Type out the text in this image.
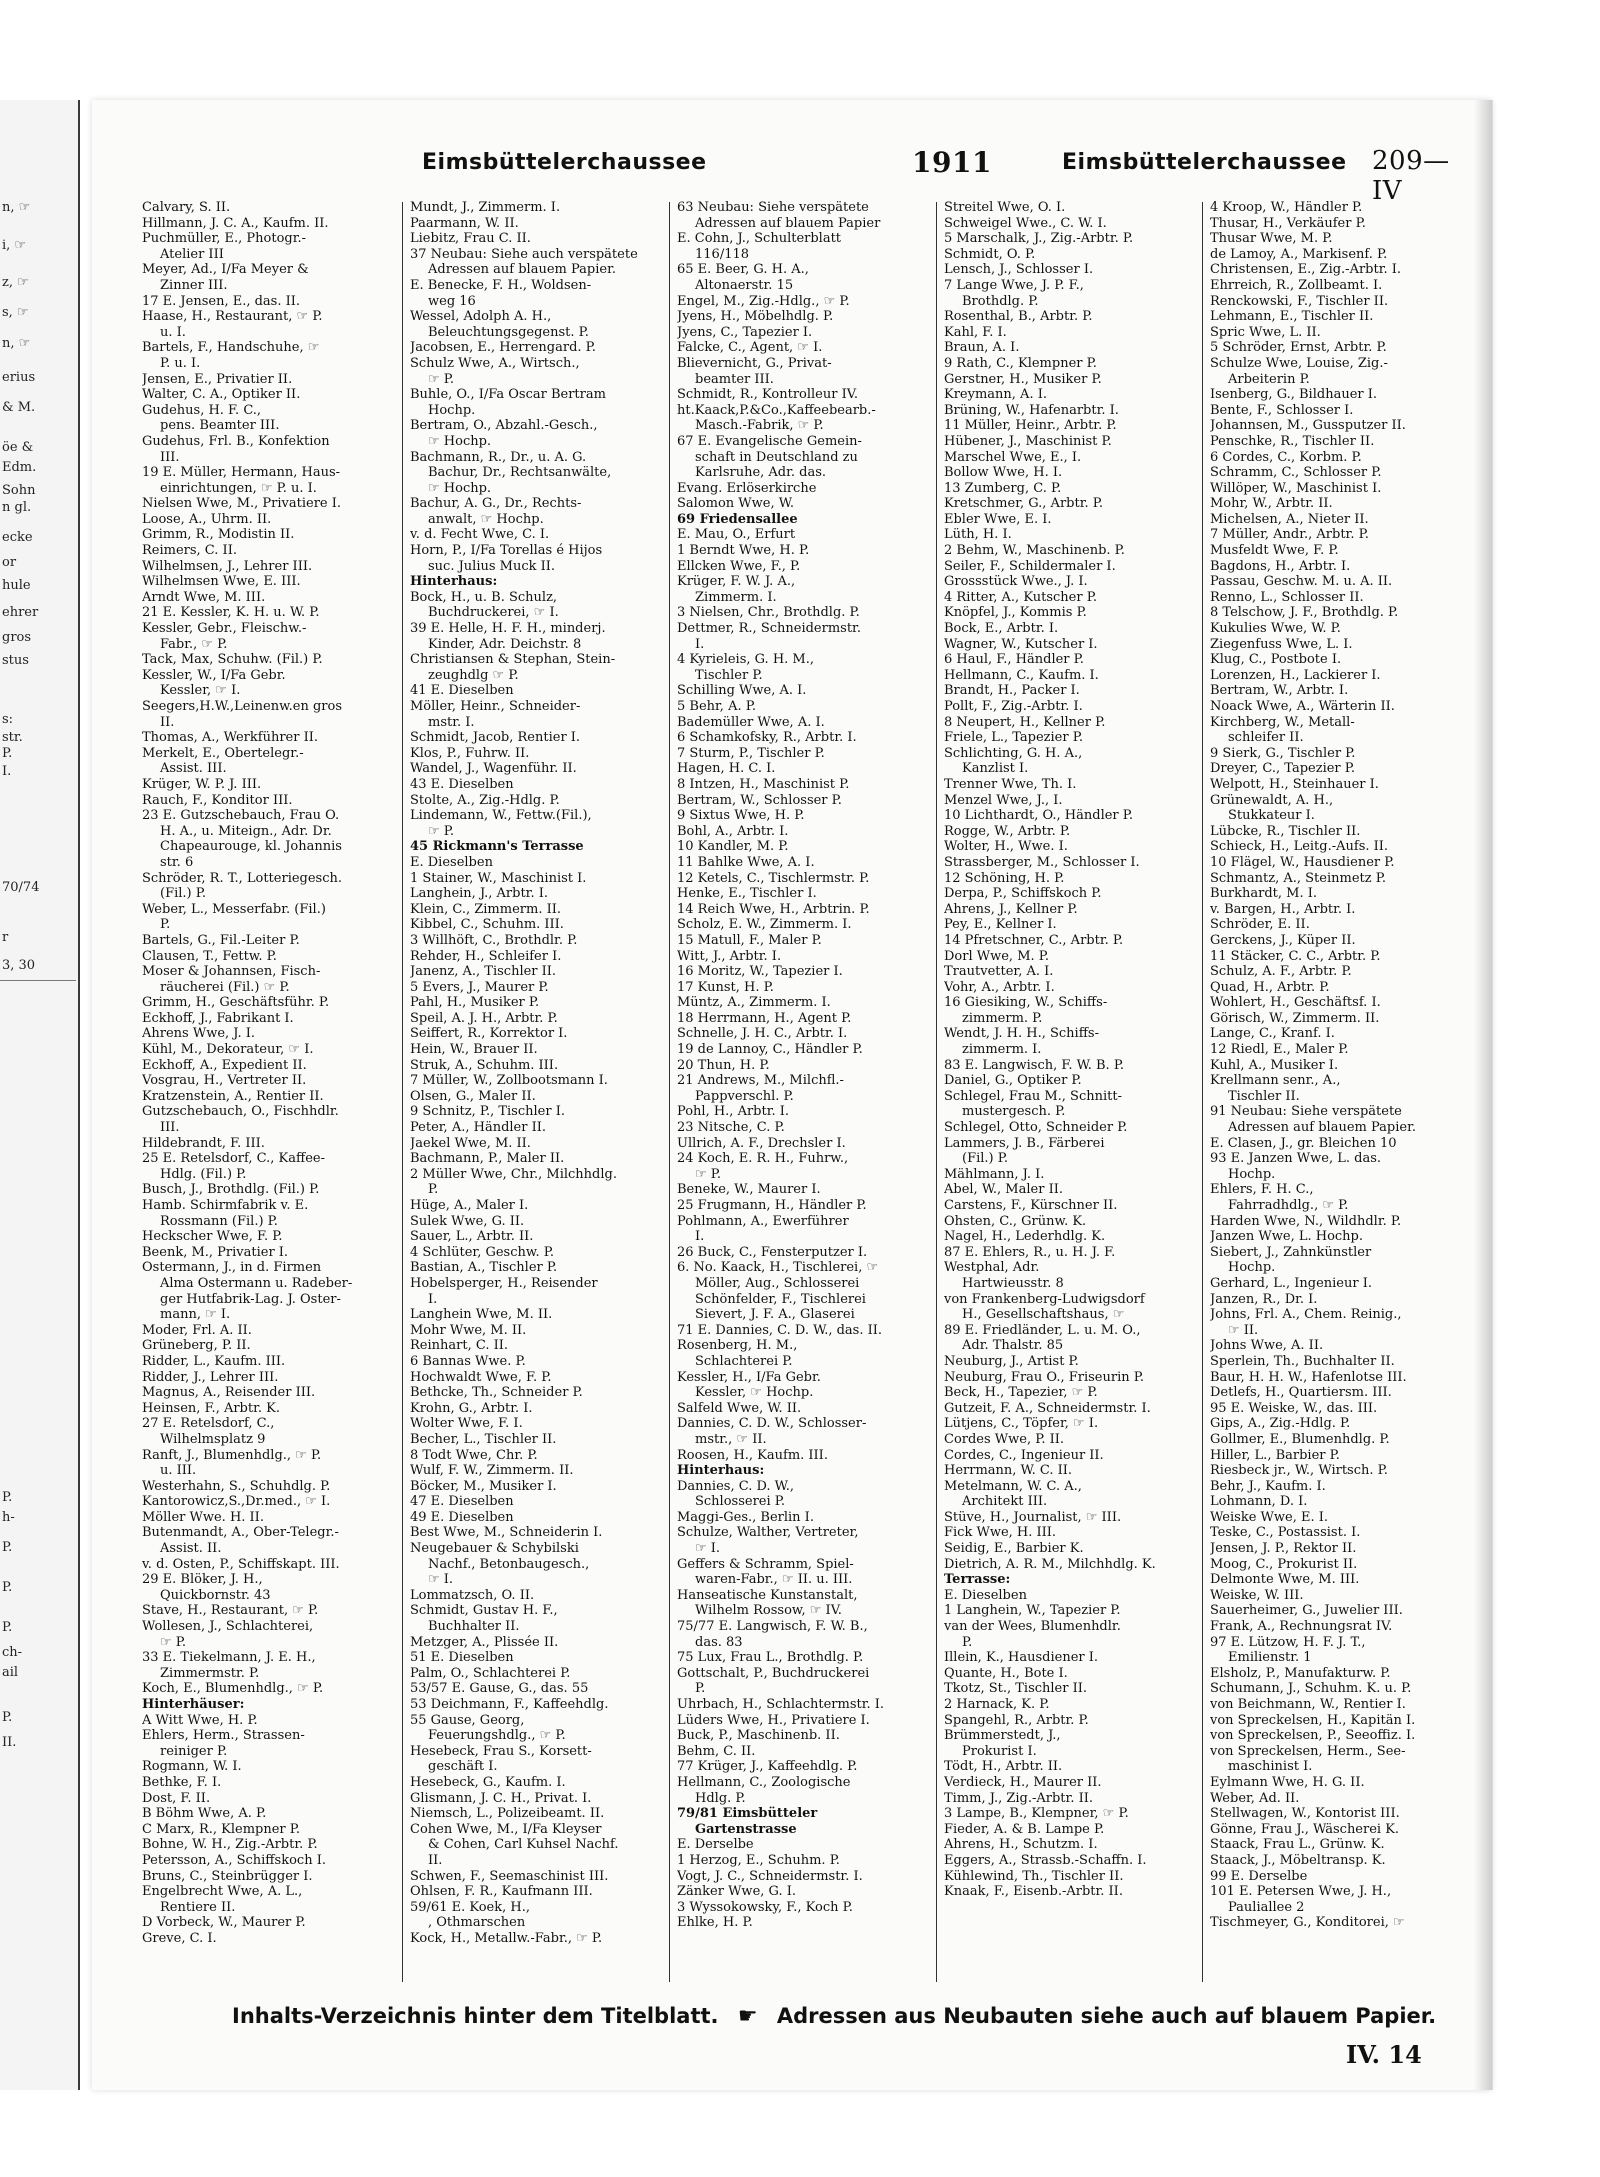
n, ☞
i, ☞
z, ☞
s, ☞
n, ☞
erius
& M.
öe &
Edm.
Sohn
n gl.
ecke
or
hule
ehrer
gros
stus
s:
str.
P.
I.
70/74
r
3, 30
P.
h-
P.
P.
P.
ch-
ail
P.
II.
Eimsbüttelerchaussee	1911	Eimsbüttelerchaussee 209—IV
Calvary, S. II.
Hillmann, J. C. A., Kaufm. II.
Puchmüller, E., Photogr.-
Atelier III
Meyer, Ad., I/Fa Meyer &
Zinner III.
17 E. Jensen, E., das. II.
Haase, H., Restaurant, ☞ P.
u. I.
Bartels, F., Handschuhe, ☞
P. u. I.
Jensen, E., Privatier II.
Walter, C. A., Optiker II.
Gudehus, H. F. C.,
pens. Beamter III.
Gudehus, Frl. B., Konfektion
III.
19 E. Müller, Hermann, Haus-
einrichtungen, ☞ P. u. I.
Nielsen Wwe, M., Privatiere I.
Loose, A., Uhrm. II.
Grimm, R., Modistin II.
Reimers, C. II.
Wilhelmsen, J., Lehrer III.
Wilhelmsen Wwe, E. III.
Arndt Wwe, M. III.
21 E. Kessler, K. H. u. W. P.
Kessler, Gebr., Fleischw.-
Fabr., ☞ P.
Tack, Max, Schuhw. (Fil.) P.
Kessler, W., I/Fa Gebr.
Kessler, ☞ I.
Seegers,H.W.,Leinenw.en gros
II.
Thomas, A., Werkführer II.
Merkelt, E., Obertelegr.-
Assist. III.
Krüger, W. P. J. III.
Rauch, F., Konditor III.
23 E. Gutzschebauch, Frau O.
H. A., u. Miteign., Adr. Dr.
Chapeaurouge, kl. Johannis
str. 6
Schröder, R. T., Lotteriegesch.
(Fil.) P.
Weber, L., Messerfabr. (Fil.)
P.
Bartels, G., Fil.-Leiter P.
Clausen, T., Fettw. P.
Moser & Johannsen, Fisch-
räucherei (Fil.) ☞ P.
Grimm, H., Geschäftsführ. P.
Eckhoff, J., Fabrikant I.
Ahrens Wwe, J. I.
Kühl, M., Dekorateur, ☞ I.
Eckhoff, A., Expedient II.
Vosgrau, H., Vertreter II.
Kratzenstein, A., Rentier II.
Gutzschebauch, O., Fischhdlr.
III.
Hildebrandt, F. III.
25 E. Retelsdorf, C., Kaffee-
Hdlg. (Fil.) P.
Busch, J., Brothdlg. (Fil.) P.
Hamb. Schirmfabrik v. E.
Rossmann (Fil.) P.
Heckscher Wwe, F. P.
Beenk, M., Privatier I.
Ostermann, J., in d. Firmen
Alma Ostermann u. Radeber-
ger Hutfabrik-Lag. J. Oster-
mann, ☞ I.
Moder, Frl. A. II.
Grüneberg, P. II.
Ridder, L., Kaufm. III.
Ridder, J., Lehrer III.
Magnus, A., Reisender III.
Heinsen, F., Arbtr. K.
27 E. Retelsdorf, C.,
Wilhelmsplatz 9
Ranft, J., Blumenhdlg., ☞ P.
u. III.
Westerhahn, S., Schuhdlg. P.
Kantorowicz,S.,Dr.med., ☞ I.
Möller Wwe. H. II.
Butenmandt, A., Ober-Telegr.-
Assist. II.
v. d. Osten, P., Schiffskapt. III.
29 E. Blöker, J. H.,
Quickbornstr. 43
Stave, H., Restaurant, ☞ P.
Wollesen, J., Schlachterei,
☞ P.
33 E. Tiekelmann, J. E. H.,
Zimmermstr. P.
Koch, E., Blumenhdlg., ☞ P.
Hinterhäuser:
A Witt Wwe, H. P.
Ehlers, Herm., Strassen-
reiniger P.
Rogmann, W. I.
Bethke, F. I.
Dost, F. II.
B Böhm Wwe, A. P.
C Marx, R., Klempner P.
Bohne, W. H., Zig.-Arbtr. P.
Petersson, A., Schiffskoch I.
Bruns, C., Steinbrügger I.
Engelbrecht Wwe, A. L.,
Rentiere II.
D Vorbeck, W., Maurer P.
Greve, C. I.
Mundt, J., Zimmerm. I.
Paarmann, W. II.
Liebitz, Frau C. II.
37 Neubau: Siehe auch verspätete
Adressen auf blauem Papier.
E. Benecke, F. H., Woldsen-
weg 16
Wessel, Adolph A. H.,
Beleuchtungsgegenst. P.
Jacobsen, E., Herrengard. P.
Schulz Wwe, A., Wirtsch.,
☞ P.
Buhle, O., I/Fa Oscar Bertram
Hochp.
Bertram, O., Abzahl.-Gesch.,
☞ Hochp.
Bachmann, R., Dr., u. A. G.
Bachur, Dr., Rechtsanwälte,
☞ Hochp.
Bachur, A. G., Dr., Rechts-
anwalt, ☞ Hochp.
v. d. Fecht Wwe, C. I.
Horn, P., I/Fa Torellas é Hijos
suc. Julius Muck II.
Hinterhaus:
Bock, H., u. B. Schulz,
Buchdruckerei, ☞ I.
39 E. Helle, H. F. H., minderj.
Kinder, Adr. Deichstr. 8
Christiansen & Stephan, Stein-
zeughdlg ☞ P.
41 E. Dieselben
Möller, Heinr., Schneider-
mstr. I.
Schmidt, Jacob, Rentier I.
Klos, P., Fuhrw. II.
Wandel, J., Wagenführ. II.
43 E. Dieselben
Stolte, A., Zig.-Hdlg. P.
Lindemann, W., Fettw.(Fil.),
☞ P.
45 Rickmann's Terrasse
E. Dieselben
1 Stainer, W., Maschinist I.
Langhein, J., Arbtr. I.
Klein, C., Zimmerm. II.
Kibbel, C., Schuhm. III.
3 Willhöft, C., Brothdlr. P.
Rehder, H., Schleifer I.
Janenz, A., Tischler II.
5 Evers, J., Maurer P.
Pahl, H., Musiker P.
Speil, A. J. H., Arbtr. P.
Seiffert, R., Korrektor I.
Hein, W., Brauer II.
Struk, A., Schuhm. III.
7 Müller, W., Zollbootsmann I.
Olsen, G., Maler II.
9 Schnitz, P., Tischler I.
Peter, A., Händler II.
Jaekel Wwe, M. II.
Bachmann, P., Maler II.
2 Müller Wwe, Chr., Milchhdlg.
P.
Hüge, A., Maler I.
Sulek Wwe, G. II.
Sauer, L., Arbtr. II.
4 Schlüter, Geschw. P.
Bastian, A., Tischler P.
Hobelsperger, H., Reisender
I.
Langhein Wwe, M. II.
Mohr Wwe, M. II.
Reinhart, C. II.
6 Bannas Wwe. P.
Hochwaldt Wwe, F. P.
Bethcke, Th., Schneider P.
Krohn, G., Arbtr. I.
Wolter Wwe, F. I.
Becher, L., Tischler II.
8 Todt Wwe, Chr. P.
Wulf, F. W., Zimmerm. II.
Böcker, M., Musiker I.
47 E. Dieselben
49 E. Dieselben
Best Wwe, M., Schneiderin I.
Neugebauer & Schybilski
Nachf., Betonbaugesch.,
☞ I.
Lommatzsch, O. II.
Schmidt, Gustav H. F.,
Buchhalter II.
Metzger, A., Plissée II.
51 E. Dieselben
Palm, O., Schlachterei P.
53/57 E. Gause, G., das. 55
53 Deichmann, F., Kaffeehdlg.
55 Gause, Georg,
Feuerungshdlg., ☞ P.
Hesebeck, Frau S., Korsett-
geschäft I.
Hesebeck, G., Kaufm. I.
Glismann, J. C. H., Privat. I.
Niemsch, L., Polizeibeamt. II.
Cohen Wwe, M., I/Fa Kleyser
& Cohen, Carl Kuhsel Nachf.
II.
Schwen, F., Seemaschinist III.
Ohlsen, F. R., Kaufmann III.
59/61 E. Koek, H.,
, Othmarschen
Kock, H., Metallw.-Fabr., ☞ P.
63 Neubau: Siehe verspätete
Adressen auf blauem Papier
E. Cohn, J., Schulterblatt
116/118
65 E. Beer, G. H. A.,
Altonaerstr. 15
Engel, M., Zig.-Hdlg., ☞ P.
Jyens, H., Möbelhdlg. P.
Jyens, C., Tapezier I.
Falcke, C., Agent, ☞ I.
Blievernicht, G., Privat-
beamter III.
Schmidt, R., Kontrolleur IV.
ht.Kaack,P.&Co.,Kaffeebearb.-
Masch.-Fabrik, ☞ P.
67 E. Evangelische Gemein-
schaft in Deutschland zu
Karlsruhe, Adr. das.
Evang. Erlöserkirche
Salomon Wwe, W.
69 Friedensallee
E. Mau, O., Erfurt
1 Berndt Wwe, H. P.
Ellcken Wwe, F., P.
Krüger, F. W. J. A.,
Zimmerm. I.
3 Nielsen, Chr., Brothdlg. P.
Dettmer, R., Schneidermstr.
I.
4 Kyrieleis, G. H. M.,
Tischler P.
Schilling Wwe, A. I.
5 Behr, A. P.
Bademüller Wwe, A. I.
6 Schamkofsky, R., Arbtr. I.
7 Sturm, P., Tischler P.
Hagen, H. C. I.
8 Intzen, H., Maschinist P.
Bertram, W., Schlosser P.
9 Sixtus Wwe, H. P.
Bohl, A., Arbtr. I.
10 Kandler, M. P.
11 Bahlke Wwe, A. I.
12 Ketels, C., Tischlermstr. P.
Henke, E., Tischler I.
14 Reich Wwe, H., Arbtrin. P.
Scholz, E. W., Zimmerm. I.
15 Matull, F., Maler P.
Witt, J., Arbtr. I.
16 Moritz, W., Tapezier I.
17 Kunst, H. P.
Müntz, A., Zimmerm. I.
18 Herrmann, H., Agent P.
Schnelle, J. H. C., Arbtr. I.
19 de Lannoy, C., Händler P.
20 Thun, H. P.
21 Andrews, M., Milchfl.-
Pappverschl. P.
Pohl, H., Arbtr. I.
23 Nitsche, C. P.
Ullrich, A. F., Drechsler I.
24 Koch, E. R. H., Fuhrw.,
☞ P.
Beneke, W., Maurer I.
25 Frugmann, H., Händler P.
Pohlmann, A., Ewerführer
I.
26 Buck, C., Fensterputzer I.
6. No. Kaack, H., Tischlerei, ☞
Möller, Aug., Schlosserei
Schönfelder, F., Tischlerei
Sievert, J. F. A., Glaserei
71 E. Dannies, C. D. W., das. II.
Rosenberg, H. M.,
Schlachterei P.
Kessler, H., I/Fa Gebr.
Kessler, ☞ Hochp.
Salfeld Wwe, W. II.
Dannies, C. D. W., Schlosser-
mstr., ☞ II.
Roosen, H., Kaufm. III.
Hinterhaus:
Dannies, C. D. W.,
Schlosserei P.
Maggi-Ges., Berlin I.
Schulze, Walther, Vertreter,
☞ I.
Geffers & Schramm, Spiel-
waren-Fabr., ☞ II. u. III.
Hanseatische Kunstanstalt,
Wilhelm Rossow, ☞ IV.
75/77 E. Langwisch, F. W. B.,
das. 83
75 Lux, Frau L., Brothdlg. P.
Gottschalt, P., Buchdruckerei
P.
Uhrbach, H., Schlachtermstr. I.
Lüders Wwe, H., Privatiere I.
Buck, P., Maschinenb. II.
Behm, C. II.
77 Krüger, J., Kaffeehdlg. P.
Hellmann, C., Zoologische
Hdlg. P.
79/81 Eimsbütteler
Gartenstrasse
E. Derselbe
1 Herzog, E., Schuhm. P.
Vogt, J. C., Schneidermstr. I.
Zänker Wwe, G. I.
3 Wyssokowsky, F., Koch P.
Ehlke, H. P.
Streitel Wwe, O. I.
Schweigel Wwe., C. W. I.
5 Marschalk, J., Zig.-Arbtr. P.
Schmidt, O. P.
Lensch, J., Schlosser I.
7 Lange Wwe, J. P. F.,
Brothdlg. P.
Rosenthal, B., Arbtr. P.
Kahl, F. I.
Braun, A. I.
9 Rath, C., Klempner P.
Gerstner, H., Musiker P.
Kreymann, A. I.
Brüning, W., Hafenarbtr. I.
11 Müller, Heinr., Arbtr. P.
Hübener, J., Maschinist P.
Marschel Wwe, E., I.
Bollow Wwe, H. I.
13 Zumberg, C. P.
Kretschmer, G., Arbtr. P.
Ebler Wwe, E. I.
Lüth, H. I.
2 Behm, W., Maschinenb. P.
Seiler, F., Schildermaler I.
Grossstück Wwe., J. I.
4 Ritter, A., Kutscher P.
Knöpfel, J., Kommis P.
Bock, E., Arbtr. I.
Wagner, W., Kutscher I.
6 Haul, F., Händler P.
Hellmann, C., Kaufm. I.
Brandt, H., Packer I.
Pollt, F., Zig.-Arbtr. I.
8 Neupert, H., Kellner P.
Friele, L., Tapezier P.
Schlichting, G. H. A.,
Kanzlist I.
Trenner Wwe, Th. I.
Menzel Wwe, J., I.
10 Lichthardt, O., Händler P.
Rogge, W., Arbtr. P.
Wolter, H., Wwe. I.
Strassberger, M., Schlosser I.
12 Schöning, H. P.
Derpa, P., Schiffskoch P.
Ahrens, J., Kellner P.
Pey, E., Kellner I.
14 Pfretschner, C., Arbtr. P.
Dorl Wwe, M. P.
Trautvetter, A. I.
Vohr, A., Arbtr. I.
16 Giesiking, W., Schiffs-
zimmerm. P.
Wendt, J. H. H., Schiffs-
zimmerm. I.
83 E. Langwisch, F. W. B. P.
Daniel, G., Optiker P.
Schlegel, Frau M., Schnitt-
mustergesch. P.
Schlegel, Otto, Schneider P.
Lammers, J. B., Färberei
(Fil.) P.
Mählmann, J. I.
Abel, W., Maler II.
Carstens, F., Kürschner II.
Ohsten, C., Grünw. K.
Nagel, H., Lederhdlg. K.
87 E. Ehlers, R., u. H. J. F.
Westphal, Adr.
Hartwieusstr. 8
von Frankenberg-Ludwigsdorf
H., Gesellschaftshaus, ☞
89 E. Friedländer, L. u. M. O.,
Adr. Thalstr. 85
Neuburg, J., Artist P.
Neuburg, Frau O., Friseurin P.
Beck, H., Tapezier, ☞ P.
Gutzeit, F. A., Schneidermstr. I.
Lütjens, C., Töpfer, ☞ I.
Cordes Wwe, P. II.
Cordes, C., Ingenieur II.
Herrmann, W. C. II.
Metelmann, W. C. A.,
Architekt III.
Stüve, H., Journalist, ☞ III.
Fick Wwe, H. III.
Seidig, E., Barbier K.
Dietrich, A. R. M., Milchhdlg. K.
Terrasse:
E. Dieselben
1 Langhein, W., Tapezier P.
van der Wees, Blumenhdlr.
P.
Illein, K., Hausdiener I.
Quante, H., Bote I.
Tkotz, St., Tischler II.
2 Harnack, K. P.
Spangehl, R., Arbtr. P.
Brümmerstedt, J.,
Prokurist I.
Tödt, H., Arbtr. II.
Verdieck, H., Maurer II.
Timm, J., Zig.-Arbtr. II.
3 Lampe, B., Klempner, ☞ P.
Fieder, A. & B. Lampe P.
Ahrens, H., Schutzm. I.
Eggers, A., Strassb.-Schaffn. I.
Kühlewind, Th., Tischler II.
Knaak, F., Eisenb.-Arbtr. II.
4 Kroop, W., Händler P.
Thusar, H., Verkäufer P.
Thusar Wwe, M. P.
de Lamoy, A., Markisenf. P.
Christensen, E., Zig.-Arbtr. I.
Ehrreich, R., Zollbeamt. I.
Renckowski, F., Tischler II.
Lehmann, E., Tischler II.
Spric Wwe, L. II.
5 Schröder, Ernst, Arbtr. P.
Schulze Wwe, Louise, Zig.-
Arbeiterin P.
Isenberg, G., Bildhauer I.
Bente, F., Schlosser I.
Johannsen, M., Gussputzer II.
Penschke, R., Tischler II.
6 Cordes, C., Korbm. P.
Schramm, C., Schlosser P.
Willöper, W., Maschinist I.
Mohr, W., Arbtr. II.
Michelsen, A., Nieter II.
7 Müller, Andr., Arbtr. P.
Musfeldt Wwe, F. P.
Bagdons, H., Arbtr. I.
Passau, Geschw. M. u. A. II.
Renno, L., Schlosser II.
8 Telschow, J. F., Brothdlg. P.
Kukulies Wwe, W. P.
Ziegenfuss Wwe, L. I.
Klug, C., Postbote I.
Lorenzen, H., Lackierer I.
Bertram, W., Arbtr. I.
Noack Wwe, A., Wärterin II.
Kirchberg, W., Metall-
schleifer II.
9 Sierk, G., Tischler P.
Dreyer, C., Tapezier P.
Welpott, H., Steinhauer I.
Grünewaldt, A. H.,
Stukkateur I.
Lübcke, R., Tischler II.
Schieck, H., Leitg.-Aufs. II.
10 Flägel, W., Hausdiener P.
Schmantz, A., Steinmetz P.
Burkhardt, M. I.
v. Bargen, H., Arbtr. I.
Schröder, E. II.
Gerckens, J., Küper II.
11 Stäcker, C. C., Arbtr. P.
Schulz, A. F., Arbtr. P.
Quad, H., Arbtr. P.
Wohlert, H., Geschäftsf. I.
Görisch, W., Zimmerm. II.
Lange, C., Kranf. I.
12 Riedl, E., Maler P.
Kuhl, A., Musiker I.
Krellmann senr., A.,
Tischler II.
91 Neubau: Siehe verspätete
Adressen auf blauem Papier.
E. Clasen, J., gr. Bleichen 10
93 E. Janzen Wwe, L. das.
Hochp.
Ehlers, F. H. C.,
Fahrradhdlg., ☞ P.
Harden Wwe, N., Wildhdlr. P.
Janzen Wwe, L. Hochp.
Siebert, J., Zahnkünstler
Hochp.
Gerhard, L., Ingenieur I.
Janzen, R., Dr. I.
Johns, Frl. A., Chem. Reinig.,
☞ II.
Johns Wwe, A. II.
Sperlein, Th., Buchhalter II.
Baur, H. H. W., Hafenlotse III.
Detlefs, H., Quartiersm. III.
95 E. Weiske, W., das. III.
Gips, A., Zig.-Hdlg. P.
Gollmer, E., Blumenhdlg. P.
Hiller, L., Barbier P.
Riesbeck jr., W., Wirtsch. P.
Behr, J., Kaufm. I.
Lohmann, D. I.
Weiske Wwe, E. I.
Teske, C., Postassist. I.
Jensen, J. P., Rektor II.
Moog, C., Prokurist II.
Delmonte Wwe, M. III.
Weiske, W. III.
Sauerheimer, G., Juwelier III.
Frank, A., Rechnungsrat IV.
97 E. Lützow, H. F. J. T.,
Emilienstr. 1
Elsholz, P., Manufakturw. P.
Schumann, J., Schuhm. K. u. P.
von Beichmann, W., Rentier I.
von Spreckelsen, H., Kapitän I.
von Spreckelsen, P., Seeoffiz. I.
von Spreckelsen, Herm., See-
maschinist I.
Eylmann Wwe, H. G. II.
Weber, Ad. II.
Stellwagen, W., Kontorist III.
Gönne, Frau J., Wäscherei K.
Staack, Frau L., Grünw. K.
Staack, J., Möbeltransp. K.
99 E. Derselbe
101 E. Petersen Wwe, J. H.,
Pauliallee 2
Tischmeyer, G., Konditorei, ☞
Inhalts-Verzeichnis hinter dem Titelblatt. ☛ Adressen aus Neubauten siehe auch auf blauem Papier.
IV. 14
